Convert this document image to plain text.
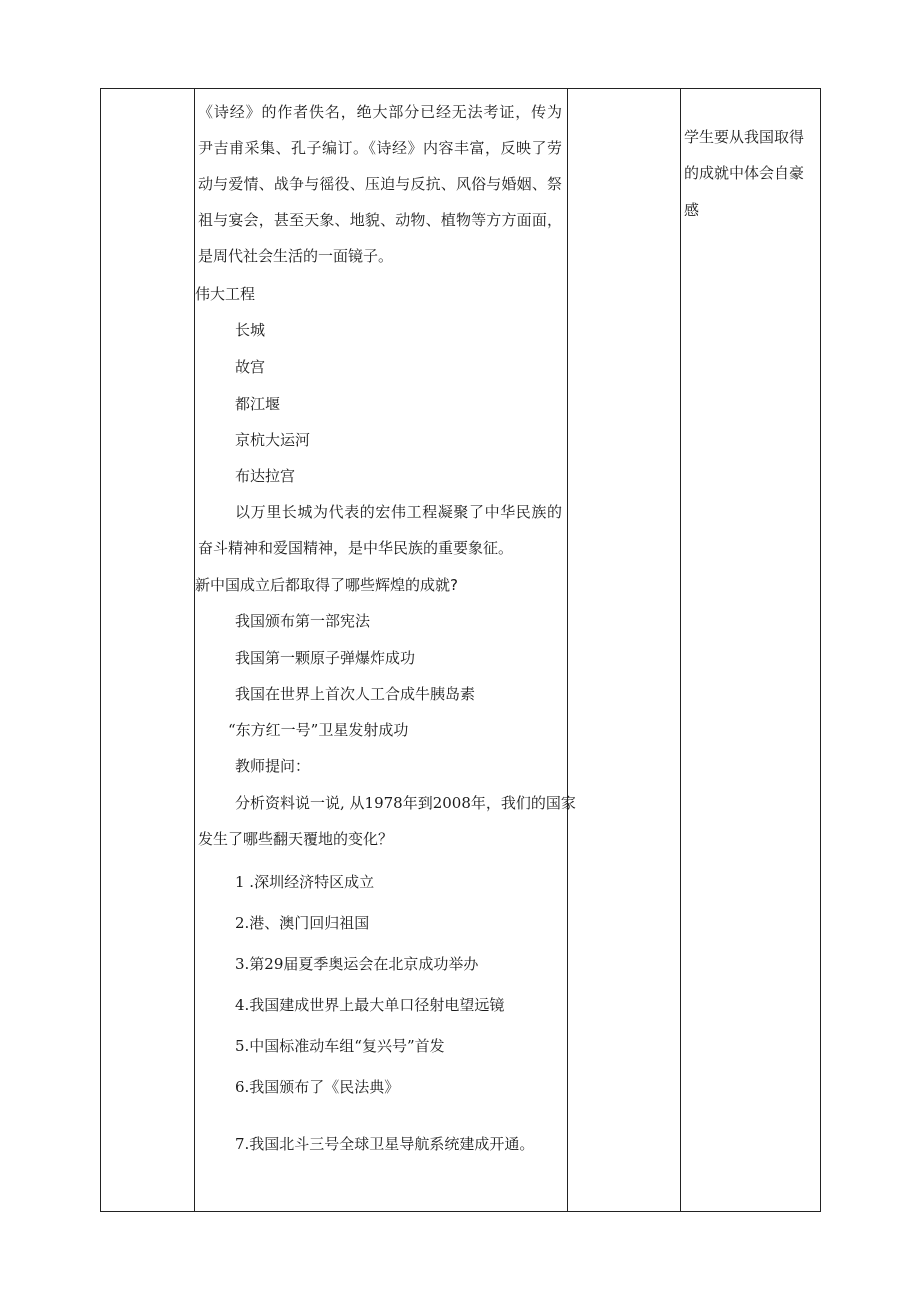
《诗经》的作者佚名，绝大部分已经无法考证，传为
尹吉甫采集、孔子编订。《诗经》内容丰富，反映了劳
动与爱情、战争与徭役、压迫与反抗、风俗与婚姻、祭
祖与宴会，甚至天象、地貌、动物、植物等方方面面，
是周代社会生活的一面镜子。
伟大工程
长城
故宫
都江堰
京杭大运河
布达拉宫
以万里长城为代表的宏伟工程凝聚了中华民族的
奋斗精神和爱国精神，是中华民族的重要象征。
新中国成立后都取得了哪些辉煌的成就?
我国颁布第一部宪法
我国第一颗原子弹爆炸成功
我国在世界上首次人工合成牛胰岛素
“东方红一号”卫星发射成功
教师提问：
分析资料说一说, 从1978年到2008年，我们的国家
发生了哪些翻天覆地的变化？
1 .深圳经济特区成立
2.港、澳门回归祖国
3.第29届夏季奥运会在北京成功举办
4.我国建成世界上最大单口径射电望远镜
5.中国标准动车组“复兴号”首发
6.我国颁布了《民法典》
7.我国北斗三号全球卫星导航系统建成开通。
学生要从我国取得
的成就中体会自豪
感
